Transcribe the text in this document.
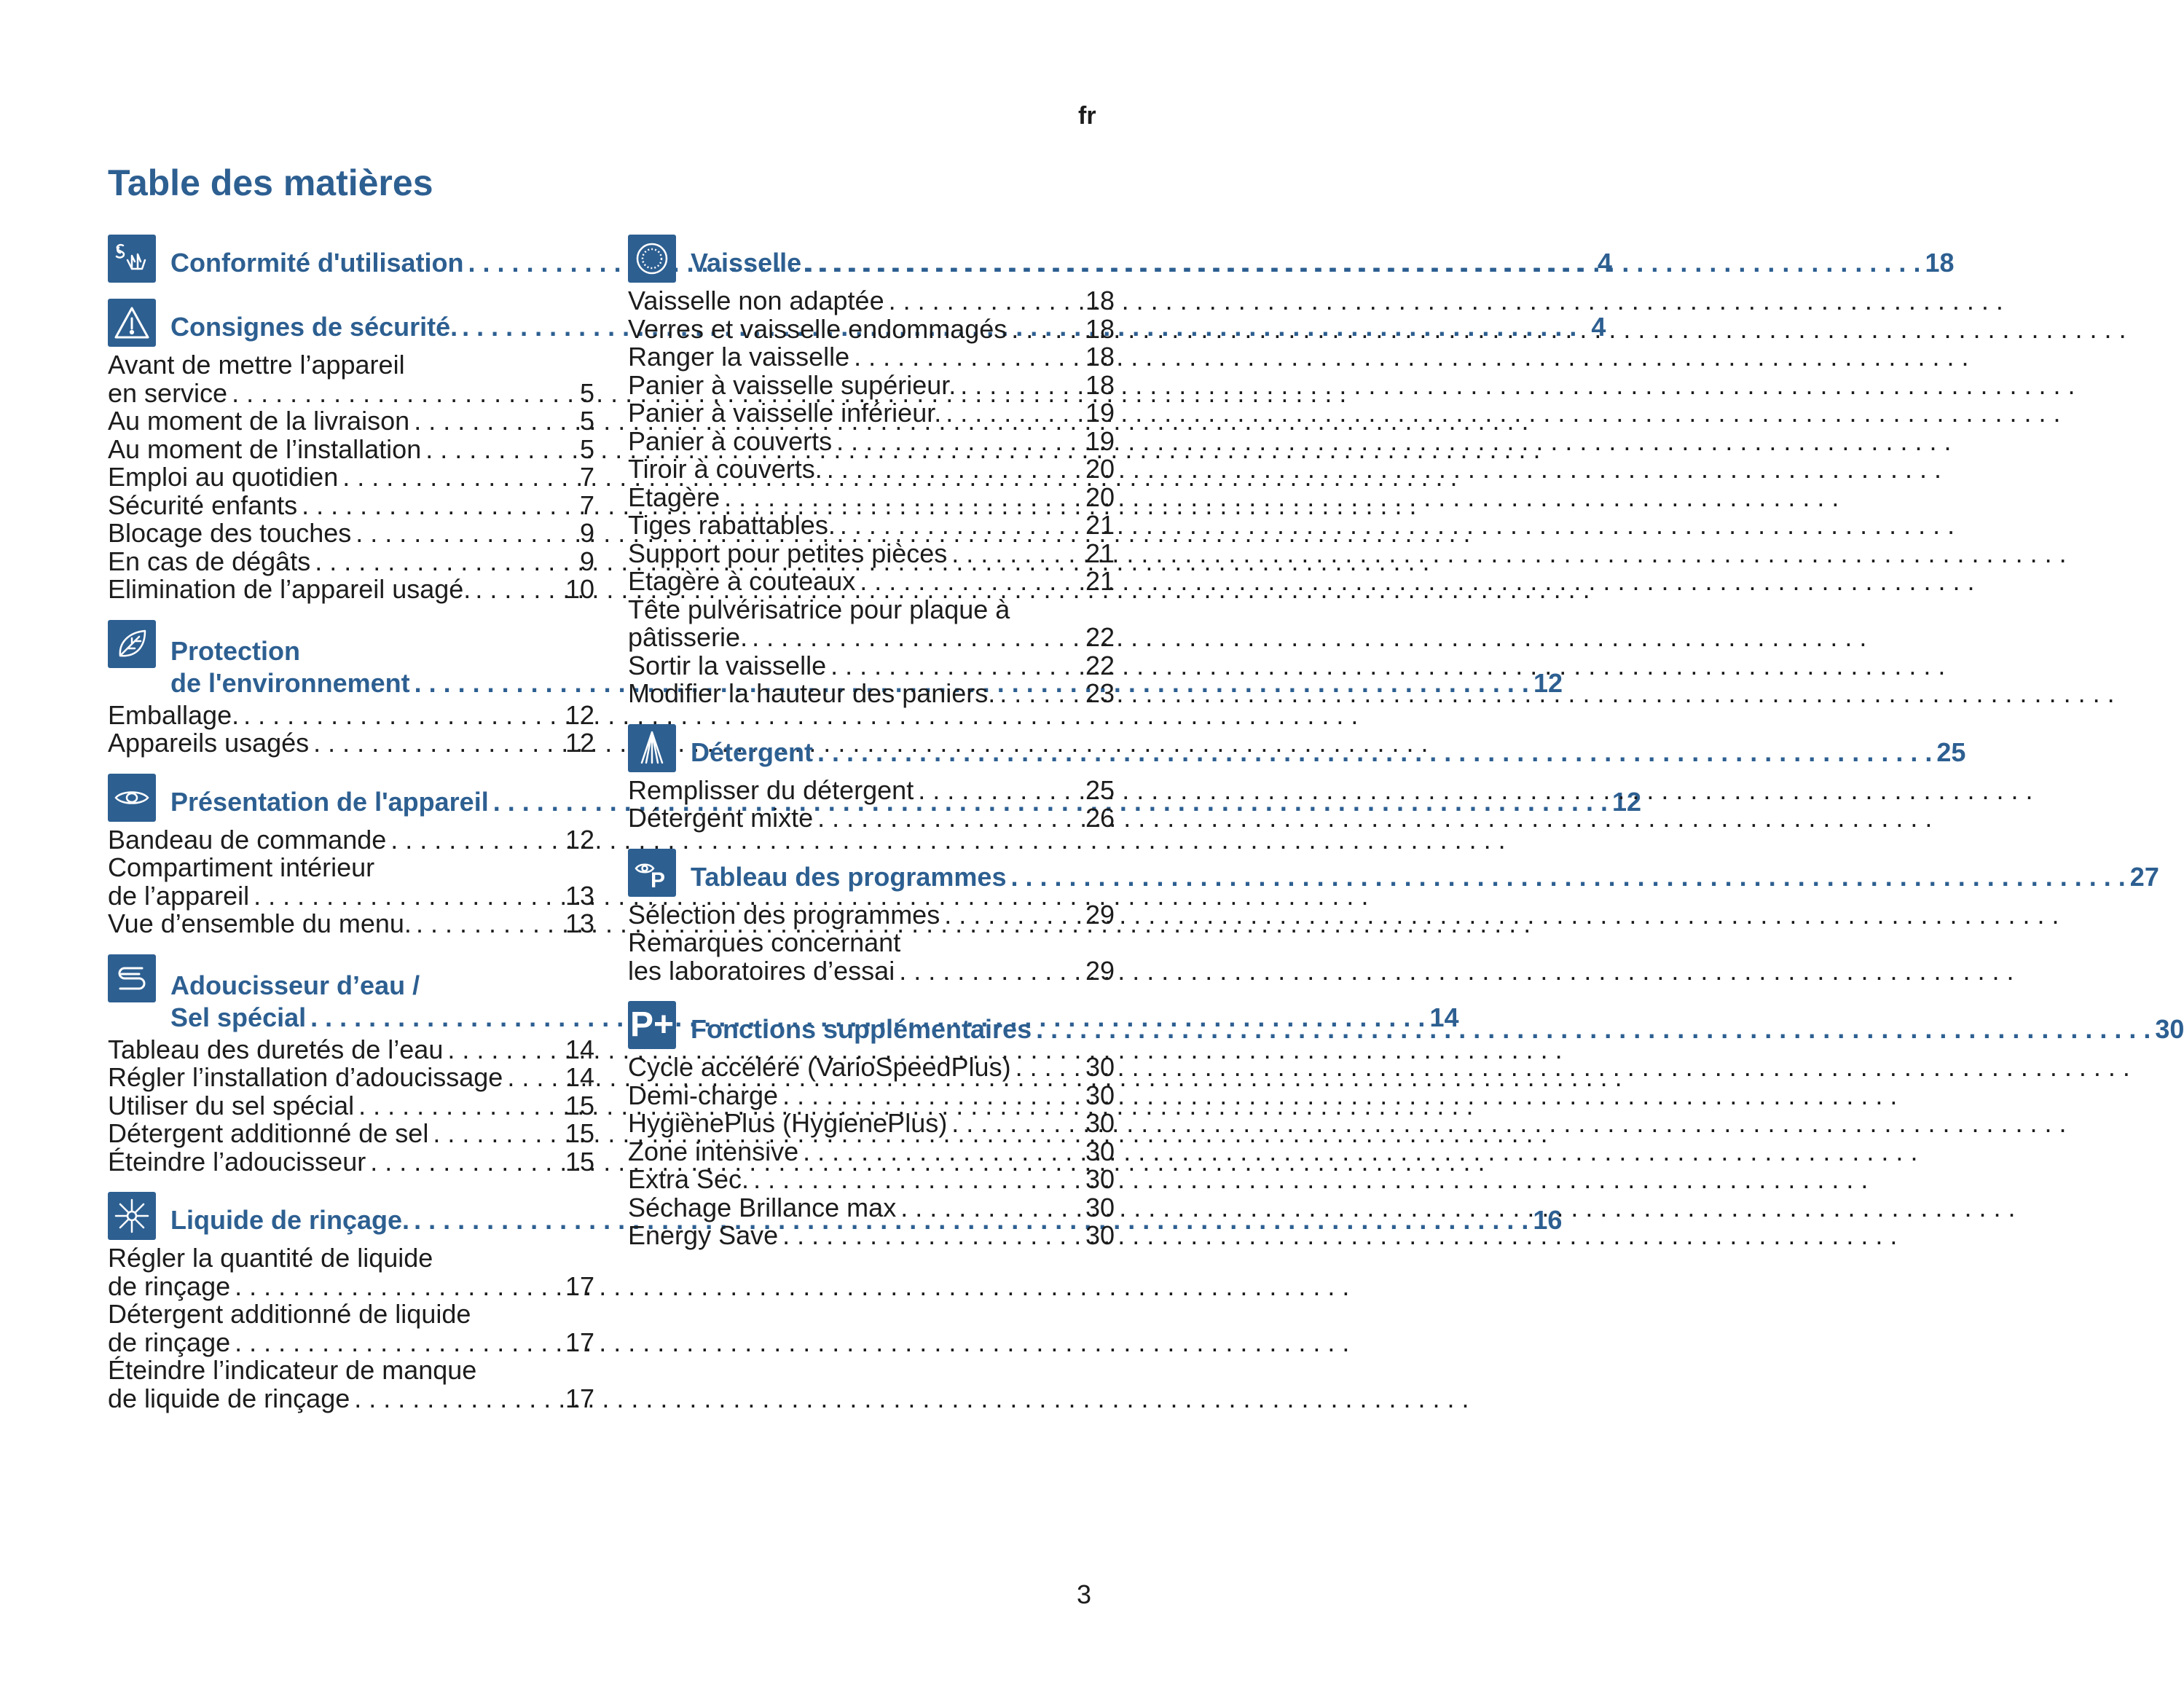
fr
Table des matières
Conformité d'utilisation . . .	4
Consignes de sécurité. . . .	4
Avant de mettre l’appareil
en service . . .	5
Au moment de la livraison . . .	5
Au moment de l’installation . . .	5
Emploi au quotidien . . .	7
Sécurité enfants . . .	7
Blocage des touches . . .	9
En cas de dégâts . . .	9
Elimination de l’appareil usagé. . . .	10
Protection
de l'environnement . . .	12
Emballage. . . .	12
Appareils usagés . . .	12
Présentation de l'appareil . . .	12
Bandeau de commande . . .	12
Compartiment intérieur
de l’appareil . . .	13
Vue d’ensemble du menu. . . .	13
Adoucisseur d’eau /
Sel spécial . . .	14
Tableau des duretés de l’eau . . .	14
Régler l’installation d’adoucissage . . . 14
Utiliser du sel spécial . . .	15
Détergent additionné de sel . . .	15
Éteindre l’adoucisseur . . .	15
Liquide de rinçage. . . .	16
Régler la quantité de liquide
de rinçage . . .	17
Détergent additionné de liquide
de rinçage . . .	17
Éteindre l’indicateur de manque
de liquide de rinçage . . .	17
Vaisselle . . .	18
Vaisselle non adaptée . . .	18
Verres et vaisselle endommagés . . .	18
Ranger la vaisselle . . .	18
Panier à vaisselle supérieur. . . .	18
Panier à vaisselle inférieur. . . .	19
Panier à couverts . . .	19
Tiroir à couverts. . . .	20
Etagère . . .	20
Tiges rabattables. . . .	21
Support pour petites pièces . . .	21
Etagère à couteaux . . .	21
Tête pulvérisatrice pour plaque à
pâtisserie. . . .	22
Sortir la vaisselle . . .	22
Modifier la hauteur des paniers. . . .	23
Détergent . . .	25
Remplisser du détergent . . .	25
Détergent mixte . . .	26
P Tableau des programmes . . .	27
Sélection des programmes . . .	29
Remarques concernant
les laboratoires d’essai . . .	29
P+ Fonctions supplémentaires . . .	30
Cycle accéléré (VarioSpeedPlus) . . .	30
Demi-charge . . .	30
HygiènePlus (HygienePlus) . . .	30
Zone intensive . . .	30
Extra Sec. . . .	30
Séchage Brillance max . . .	30
Energy Save . . .	30
3
